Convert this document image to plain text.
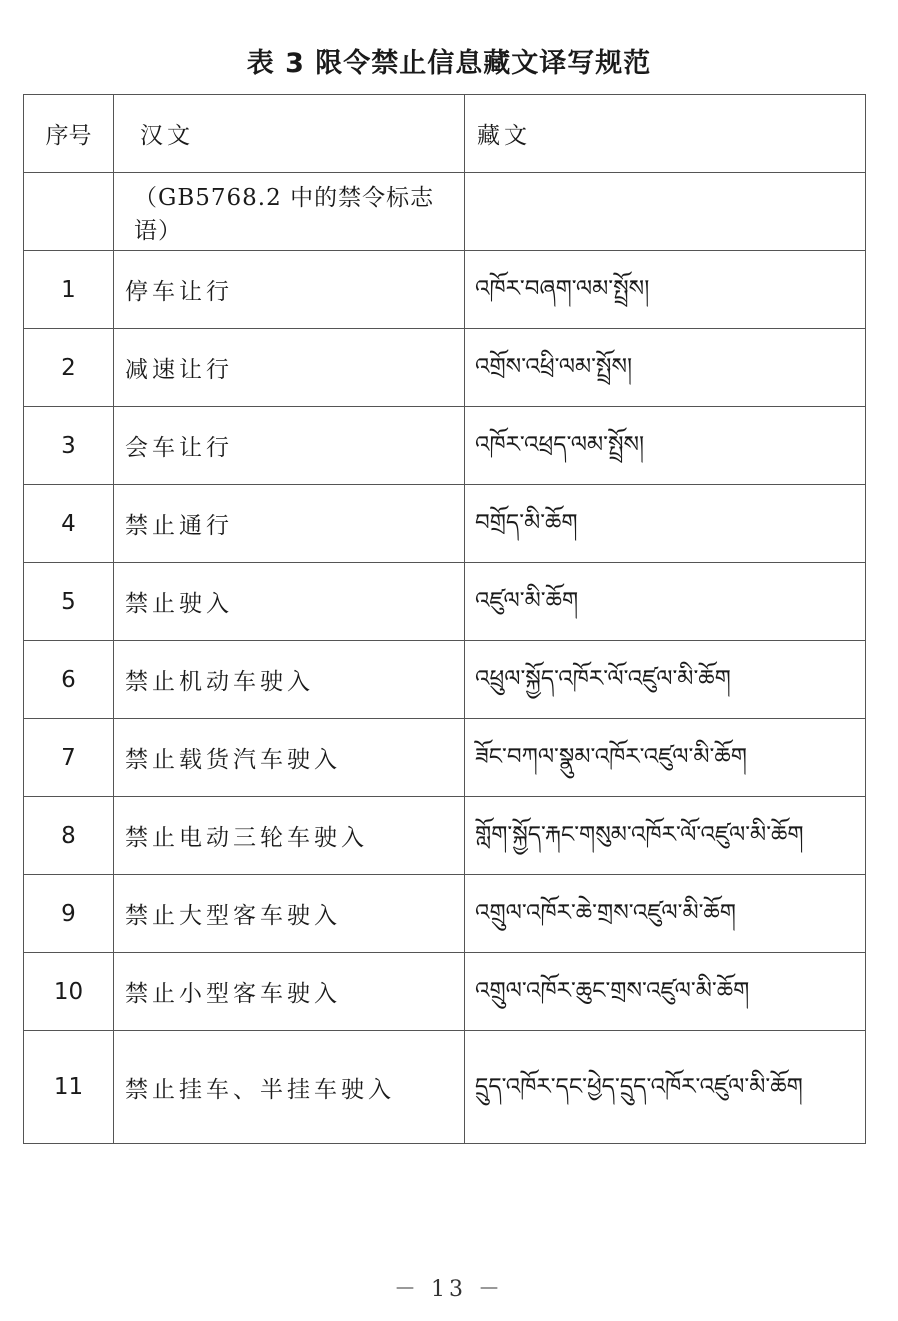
表 3 限令禁止信息藏文译写规范
序号	汉文	藏文
	（GB5768.2 中的禁令标志语）	
1	停车让行	འཁོར་བཞག་ལམ་སྤྲོས།
2	减速让行	འགྲོས་འཕྲི་ལམ་སྤྲོས།
3	会车让行	འཁོར་འཕྲད་ལམ་སྤྲོས།
4	禁止通行	བགྲོད་མི་ཆོག
5	禁止驶入	འཛུལ་མི་ཆོག
6	禁止机动车驶入	འཕྲུལ་སྐྱོད་འཁོར་ལོ་འཛུལ་མི་ཆོག
7	禁止载货汽车驶入	ཟོང་བཀལ་སྣུམ་འཁོར་འཛུལ་མི་ཆོག
8	禁止电动三轮车驶入	གློག་སྐྱོད་རྐང་གསུམ་འཁོར་ལོ་འཛུལ་མི་ཆོག
9	禁止大型客车驶入	འགྲུལ་འཁོར་ཆེ་གྲས་འཛུལ་མི་ཆོག
10	禁止小型客车驶入	འགྲུལ་འཁོར་ཆུང་གྲས་འཛུལ་མི་ཆོག
11	禁止挂车、半挂车驶入	དྲུད་འཁོར་དང་ཕྱེད་དྲུད་འཁོར་འཛུལ་མི་ཆོག
－ 13 －
